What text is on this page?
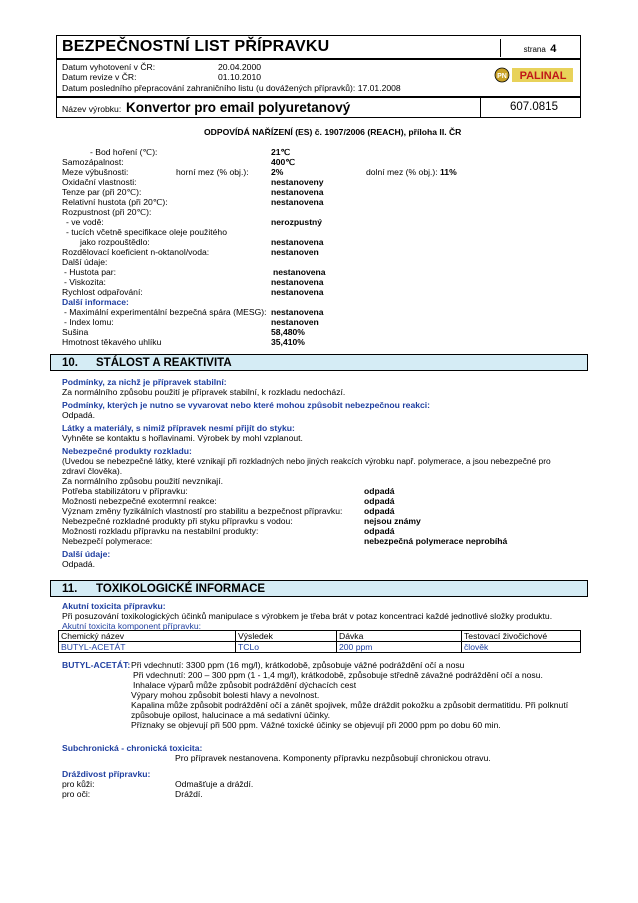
BEZPEČNOSTNÍ LIST PŘÍPRAVKU	strana 4
Datum vyhotovení v ČR:	20.04.2000
Datum revize v ČR:	01.10.2010
Datum posledního přepracování zahraničního listu (u dovážených přípravků): 17.01.2008
PN PALINAL
Název výrobku: Konvertor pro email polyuretanový	607.0815
ODPOVÍDÁ NAŘÍZENÍ (ES) č. 1907/2006 (REACH), příloha II. ČR
- Bod hoření (℃):	21℃
Samozápalnost:	400℃
Meze výbušnosti:	horní mez (% obj.):	2%	dolní mez (% obj.): 11%
Oxidační vlastnosti:	nestanoveny
Tenze par (při 20℃):	nestanovena
Relativní hustota (při 20℃):	nestanovena
Rozpustnost (při 20℃):
- ve vodě:	nerozpustný
- tucích včetně specifikace oleje použitého
jako rozpouštědlo:	nestanovena
Rozdělovací koeficient n-oktanol/voda:	nestanoven
Další údaje:
- Hustota par:	nestanovena
- Viskozita:	nestanovena
Rychlost odpařování:	nestanovena
Další informace:
- Maximální experimentální bezpečná spára (MESG): nestanovena
- Index lomu:	nestanoven
Sušina	58,480%
Hmotnost těkavého uhlíku	35,410%
10. STÁLOST A REAKTIVITA
Podmínky, za nichž je přípravek stabilní:
Za normálního způsobu použití je přípravek stabilní, k rozkladu nedochází.
Podmínky, kterých je nutno se vyvarovat nebo které mohou způsobit nebezpečnou reakci:
Odpadá.
Látky a materiály, s nimiž přípravek nesmí přijít do styku:
Vyhněte se kontaktu s hořlavinami. Výrobek by mohl vzplanout.
Nebezpečné produkty rozkladu:
(Uvedou se nebezpečné látky, které vznikají při rozkladných nebo jiných reakcích výrobku např. polymerace, a jsou nebezpečné pro
zdraví člověka).
Za normálního způsobu použití nevznikají.
Potřeba stabilizátoru v přípravku:	odpadá
Možnosti nebezpečné exotermní reakce:	odpadá
Význam změny fyzikálních vlastností pro stabilitu a bezpečnost přípravku:	odpadá
Nebezpečné rozkladné produkty při styku přípravku s vodou:	nejsou známy
Možnosti rozkladu přípravku na nestabilní produkty:	odpadá
Nebezpečí polymerace:	nebezpečná polymerace neprobíhá
Další údaje:
Odpadá.
11. TOXIKOLOGICKÉ INFORMACE
Akutní toxicita přípravku:
Při posuzování toxikologických účinků manipulace s výrobkem je třeba brát v potaz koncentraci každé jednotlivé složky produktu.
Akutní toxicita komponent přípravku:
Chemický název	Výsledek	Dávka	Testovací živočichové
BUTYL-ACETÁT	TCLo	200 ppm	člověk
BUTYL-ACETÁT: Při vdechnutí: 3300 ppm (16 mg/l), krátkodobě, způsobuje vážné podráždění očí a nosu
Při vdechnutí: 200 – 300 ppm (1 - 1,4 mg/l), krátkodobě, způsobuje středně závažné podráždění očí a nosu.
Inhalace výparů může způsobit podráždění dýchacích cest
Výpary mohou způsobit bolesti hlavy a nevolnost.
Kapalina může způsobit podráždění očí a zánět spojivek, může dráždit pokožku a způsobit dermatitidu. Při polknutí
způsobuje opilost, halucinace a má sedativní účinky.
Příznaky se objevují při 500 ppm. Vážné toxické účinky se objevují při 2000 ppm po dobu 60 min.
Subchronická - chronická toxicita:
Pro přípravek nestanovena. Komponenty přípravku nezpůsobují chronickou otravu.
Dráždivost přípravku:
pro kůži:	Odmašťuje a dráždí.
pro oči:	Dráždí.
